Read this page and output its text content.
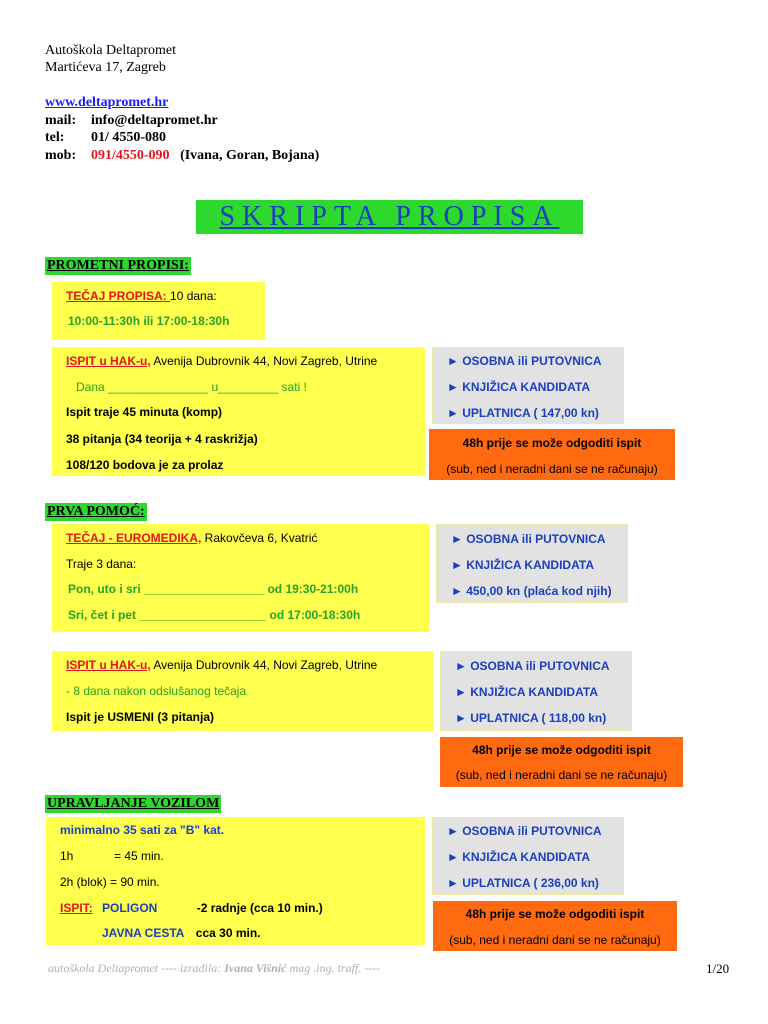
Autoškola Deltapromet
Martićeva 17, Zagreb
www.deltapromet.hr
mail: info@deltapromet.hr
tel: 01/ 4550-080
mob: 091/4550-090 (Ivana, Goran, Bojana)
SKRIPTA PROPISA
PROMETNI PROPISI:
TEČAJ PROPISA: 10 dana:
10:00-11:30h ili 17:00-18:30h
ISPIT u HAK-u, Avenija Dubrovnik 44, Novi Zagreb, Utrine
Dana _______________ u_________ sati !
Ispit traje 45 minuta (komp)
38 pitanja (34 teorija + 4 raskrižja)
108/120 bodova je za prolaz
► OSOBNA ili PUTOVNICA
► KNJIŽICA KANDIDATA
► UPLATNICA ( 147,00 kn)
48h prije se može odgoditi ispit
(sub, ned i neradni dani se ne računaju)
PRVA POMOĆ:
TEČAJ - EUROMEDIKA, Rakovčeva 6, Kvatrić
Traje 3 dana:
Pon, uto i sri __________________ od 19:30-21:00h
Sri, čet i pet ___________________ od 17:00-18:30h
► OSOBNA ili PUTOVNICA
► KNJIŽICA KANDIDATA
► 450,00 kn (plaća kod njih)
ISPIT u HAK-u, Avenija Dubrovnik 44, Novi Zagreb, Utrine
- 8 dana nakon odslušanog tečaja
Ispit je USMENI (3 pitanja)
► OSOBNA ili PUTOVNICA
► KNJIŽICA KANDIDATA
► UPLATNICA ( 118,00 kn)
48h prije se može odgoditi ispit
(sub, ned i neradni dani se ne računaju)
UPRAVLJANJE VOZILOM
minimalno 35 sati za "B" kat.
1h	= 45 min.
2h (blok) = 90 min.
ISPIT: POLIGON	-2 radnje (cca 10 min.)
JAVNA CESTA cca 30 min.
► OSOBNA ili PUTOVNICA
► KNJIŽICA KANDIDATA
► UPLATNICA ( 236,00 kn)
48h prije se može odgoditi ispit
(sub, ned i neradni dani se ne računaju)
autoškola Deltapromet ---- izradila: Ivana Višnić mag .ing. traff. ----	1/20
